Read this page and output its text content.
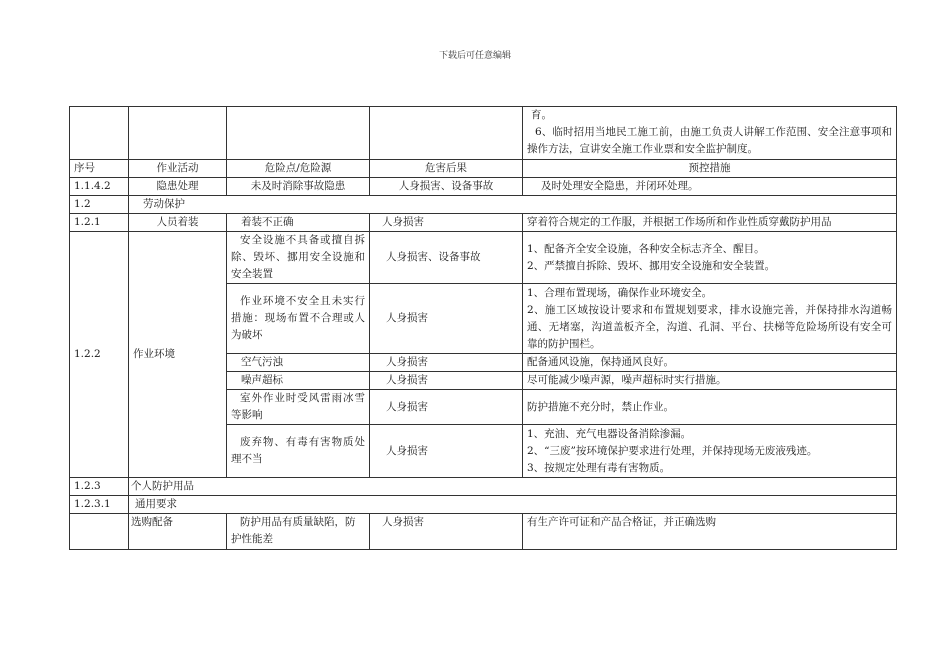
下载后可任意编辑

				育。
6、临时招用当地民工施工前，由施工负责人讲解工作范围、安全注意事项和操作方法，宣讲安全施工作业票和安全监护制度。

序号	作业活动	危险点/危险源	危害后果	预控措施
1.1.4.2	隐患处理	未及时消除事故隐患	人身损害、设备事故	及时处理安全隐患，并闭环处理。
1.2	劳动保护			
1.2.1	人员着装	着装不正确	人身损害	穿着符合规定的工作服，并根据工作场所和作业性质穿戴防护用品
1.2.2	作业环境	安全设施不具备或擅自拆除、毁坏、挪用安全设施和安全装置	人身损害、设备事故	1、配备齐全安全设施，各种安全标志齐全、醒目。
2、严禁擅自拆除、毁坏、挪用安全设施和安全装置。

		作业环境不安全且未实行措施：现场布置不合理或人为破坏	人身损害	1、合理布置现场，确保作业环境安全。
2、施工区域按设计要求和布置规划要求，排水设施完善，并保持排水沟道畅通、无堵塞，沟道盖板齐全，沟道、孔洞、平台、扶梯等危险场所设有安全可靠的防护围栏。

		空气污浊	人身损害	配备通风设施，保持通风良好。
		噪声超标	人身损害	尽可能减少噪声源，噪声超标时实行措施。
		室外作业时受风雷雨冰雪等影响	人身损害	防护措施不充分时，禁止作业。
		废弃物、有毒有害物质处理不当	人身损害	1、充油、充气电器设备消除渗漏。
2、“三废”按环境保护要求进行处理，并保持现场无废液残迹。
3、按规定处理有毒有害物质。

1.2.3	个人防护用品			
1.2.3.1	通用要求			
	选购配备	防护用品有质量缺陷，防护性能差	人身损害	有生产许可证和产品合格证，并正确选购
